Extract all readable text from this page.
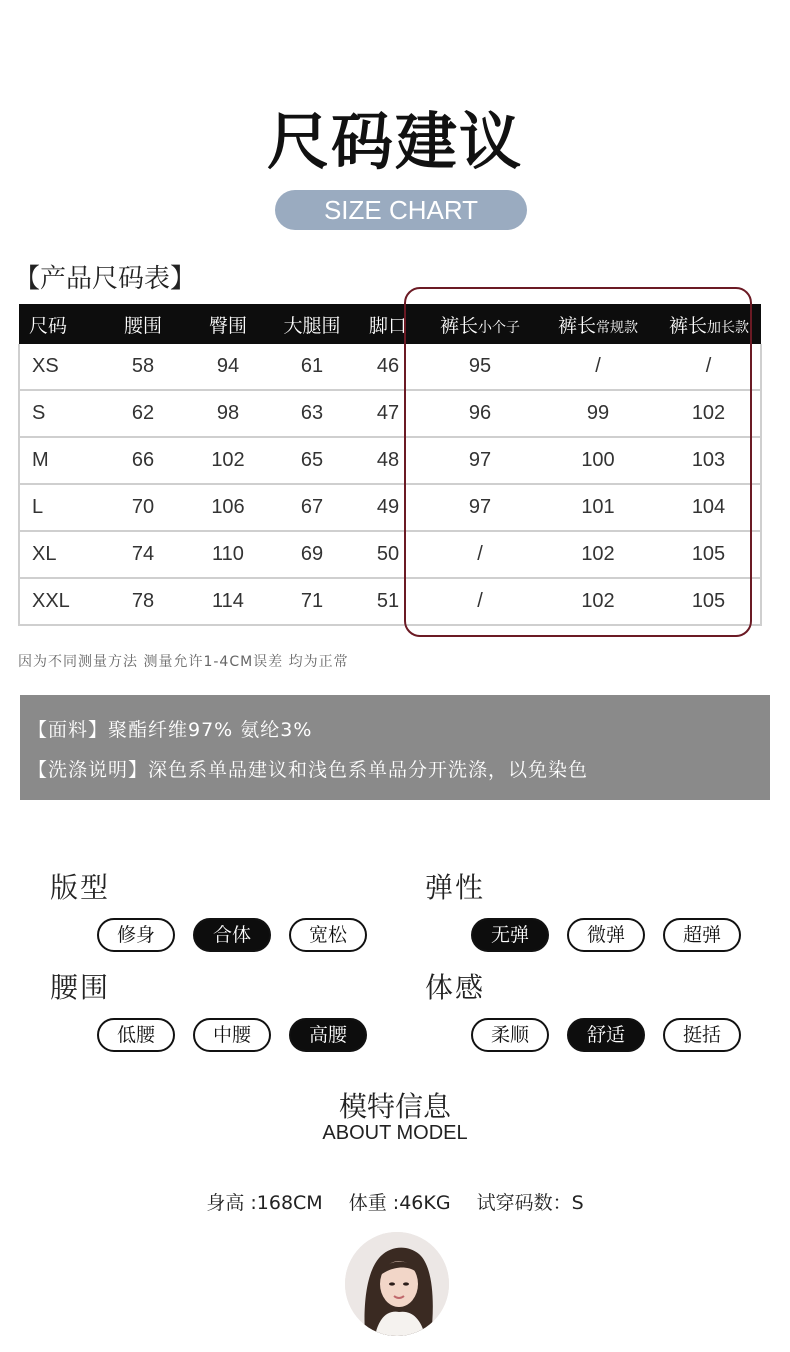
尺码建议
SIZE CHART
【产品尺码表】
尺码	腰围	臀围	大腿围	脚口	裤长小个子	裤长常规款	裤长加长款
XS	58	94	61	46	95	/	/
S	62	98	63	47	96	99	102
M	66	102	65	48	97	100	103
L	70	106	67	49	97	101	104
XL	74	110	69	50	/	102	105
XXL	78	114	71	51	/	102	105
因为不同测量方法 测量允许1-4CM误差 均为正常
【面料】聚酯纤维97% 氨纶3%
【洗涤说明】深色系单品建议和浅色系单品分开洗涤，以免染色
版型	弹性
腰围	体感
修身	合体	宽松	无弹	微弹	超弹
低腰	中腰	高腰	柔顺	舒适	挺括
模特信息
ABOUT MODEL
身高 :168CM 体重 :46KG 试穿码数：S
